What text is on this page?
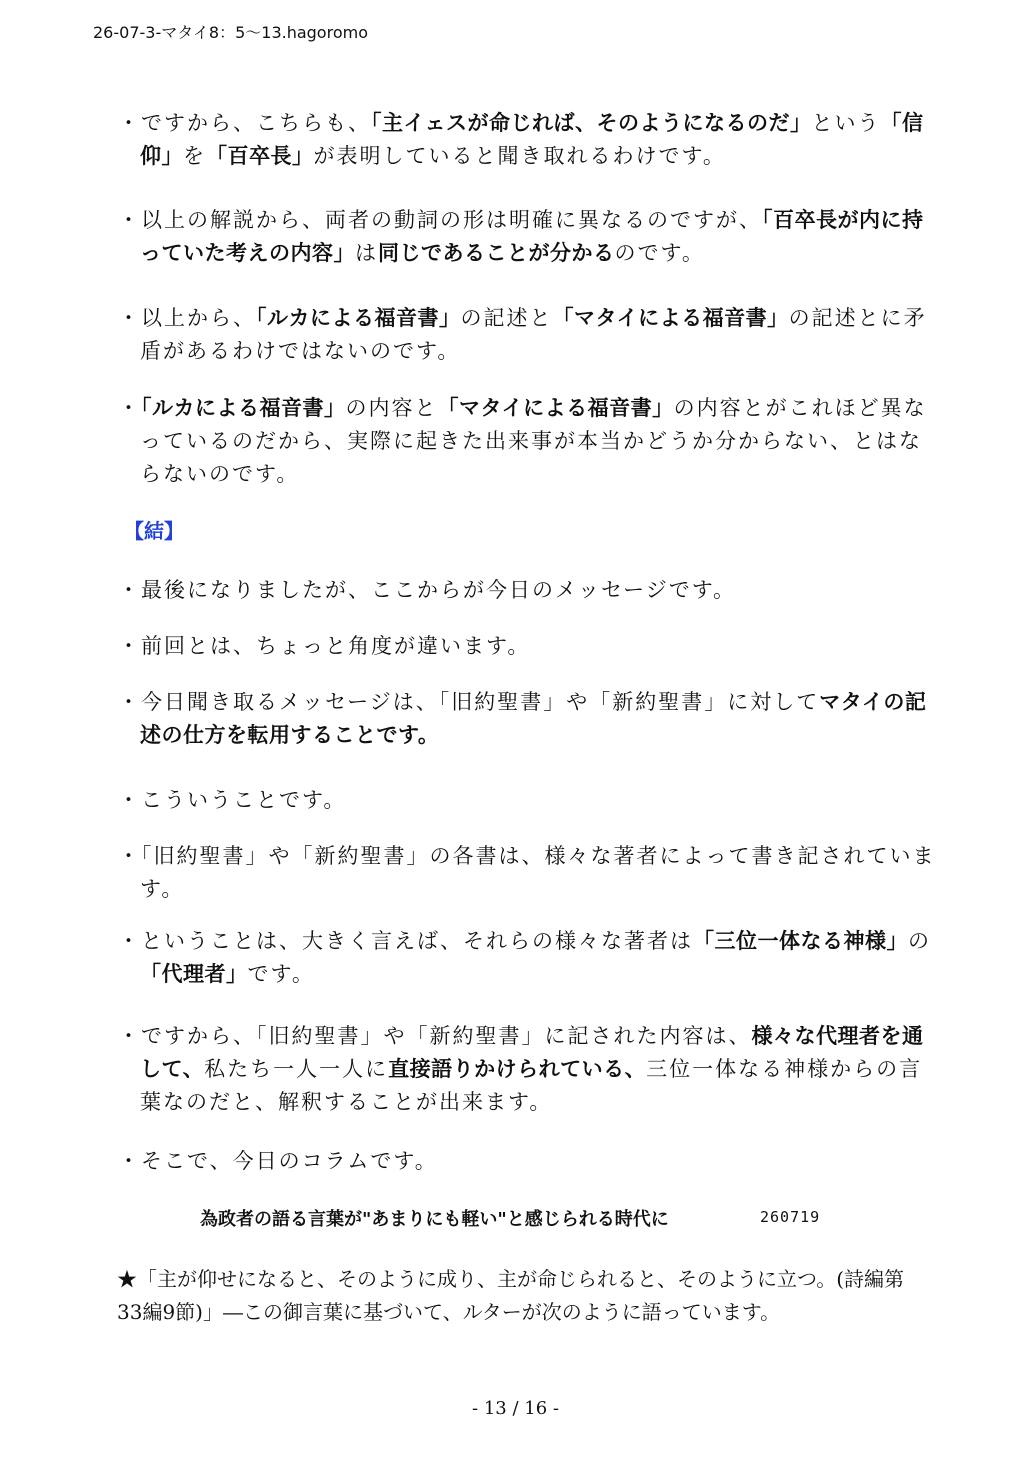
26-07-3-マタイ8：5〜13.hagoromo
・ですから、こちらも、「主イェスが命じれば、そのようになるのだ」という「信仰」を「百卒長」が表明していると聞き取れるわけです。
・以上の解説から、両者の動詞の形は明確に異なるのですが、「百卒長が内に持っていた考えの内容」は同じであることが分かるのです。
・以上から、「ルカによる福音書」の記述と「マタイによる福音書」の記述とに矛盾があるわけではないのです。
・「ルカによる福音書」の内容と「マタイによる福音書」の内容とがこれほど異なっているのだから、実際に起きた出来事が本当かどうか分からない、とはならないのです。
【結】
・最後になりましたが、ここからが今日のメッセージです。
・前回とは、ちょっと角度が違います。
・今日聞き取るメッセージは、「旧約聖書」や「新約聖書」に対してマタイの記述の仕方を転用することです。
・こういうことです。
・「旧約聖書」や「新約聖書」の各書は、様々な著者によって書き記されています。
・ということは、大きく言えば、それらの様々な著者は「三位一体なる神様」の「代理者」です。
・ですから、「旧約聖書」や「新約聖書」に記された内容は、様々な代理者を通して、私たち一人一人に直接語りかけられている、三位一体なる神様からの言葉なのだと、解釈することが出来ます。
・そこで、今日のコラムです。
為政者の語る言葉が"あまりにも軽い"と感じられる時代に	260719
★「主が仰せになると、そのように成り、主が命じられると、そのように立つ。(詩編第33編9節)」―この御言葉に基づいて、ルターが次のように語っています。
- 13 / 16 -
